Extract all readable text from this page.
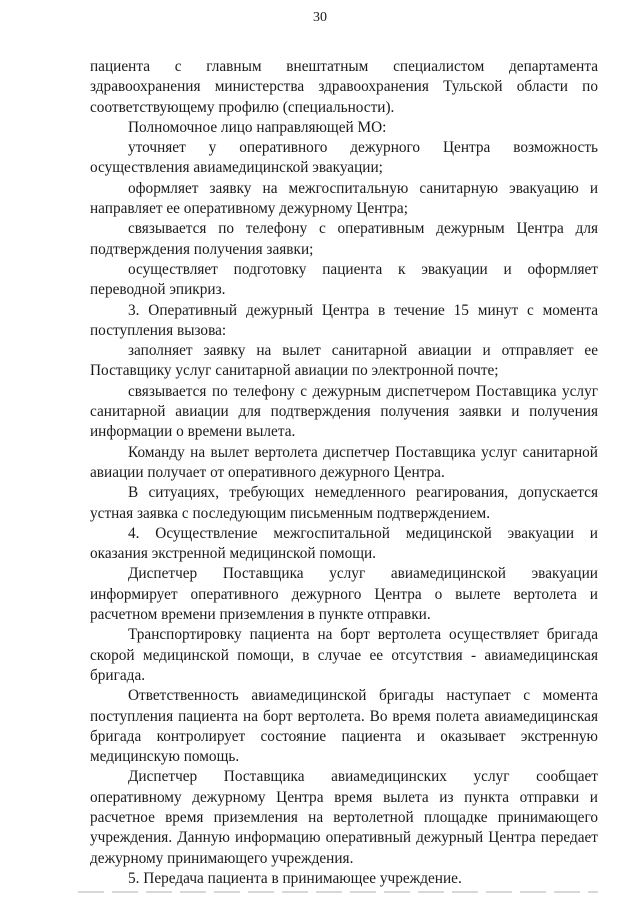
30

пациента с главным внештатным специалистом департамента здравоохранения министерства здравоохранения Тульской области по соответствующему профилю (специальности).

Полномочное лицо направляющей МО:

уточняет у оперативного дежурного Центра возможность осуществления авиамедицинской эвакуации;

оформляет заявку на межгоспитальную санитарную эвакуацию и направляет ее оперативному дежурному Центра;

связывается по телефону с оперативным дежурным Центра для подтверждения получения заявки;

осуществляет подготовку пациента к эвакуации и оформляет переводной эпикриз.

3. Оперативный дежурный Центра в течение 15 минут с момента поступления вызова:

заполняет заявку на вылет санитарной авиации и отправляет ее Поставщику услуг санитарной авиации по электронной почте;

связывается по телефону с дежурным диспетчером Поставщика услуг санитарной авиации для подтверждения получения заявки и получения информации о времени вылета.

Команду на вылет вертолета диспетчер Поставщика услуг санитарной авиации получает от оперативного дежурного Центра.

В ситуациях, требующих немедленного реагирования, допускается устная заявка с последующим письменным подтверждением.

4. Осуществление межгоспитальной медицинской эвакуации и оказания экстренной медицинской помощи.

Диспетчер Поставщика услуг авиамедицинской эвакуации информирует оперативного дежурного Центра о вылете вертолета и расчетном времени приземления в пункте отправки.

Транспортировку пациента на борт вертолета осуществляет бригада скорой медицинской помощи, в случае ее отсутствия - авиамедицинская бригада.

Ответственность авиамедицинской бригады наступает с момента поступления пациента на борт вертолета. Во время полета авиамедицинская бригада контролирует состояние пациента и оказывает экстренную медицинскую помощь.

Диспетчер Поставщика авиамедицинских услуг сообщает оперативному дежурному Центра время вылета из пункта отправки и расчетное время приземления на вертолетной площадке принимающего учреждения. Данную информацию оперативный дежурный Центра передает дежурному принимающего учреждения.

5. Передача пациента в принимающее учреждение.
